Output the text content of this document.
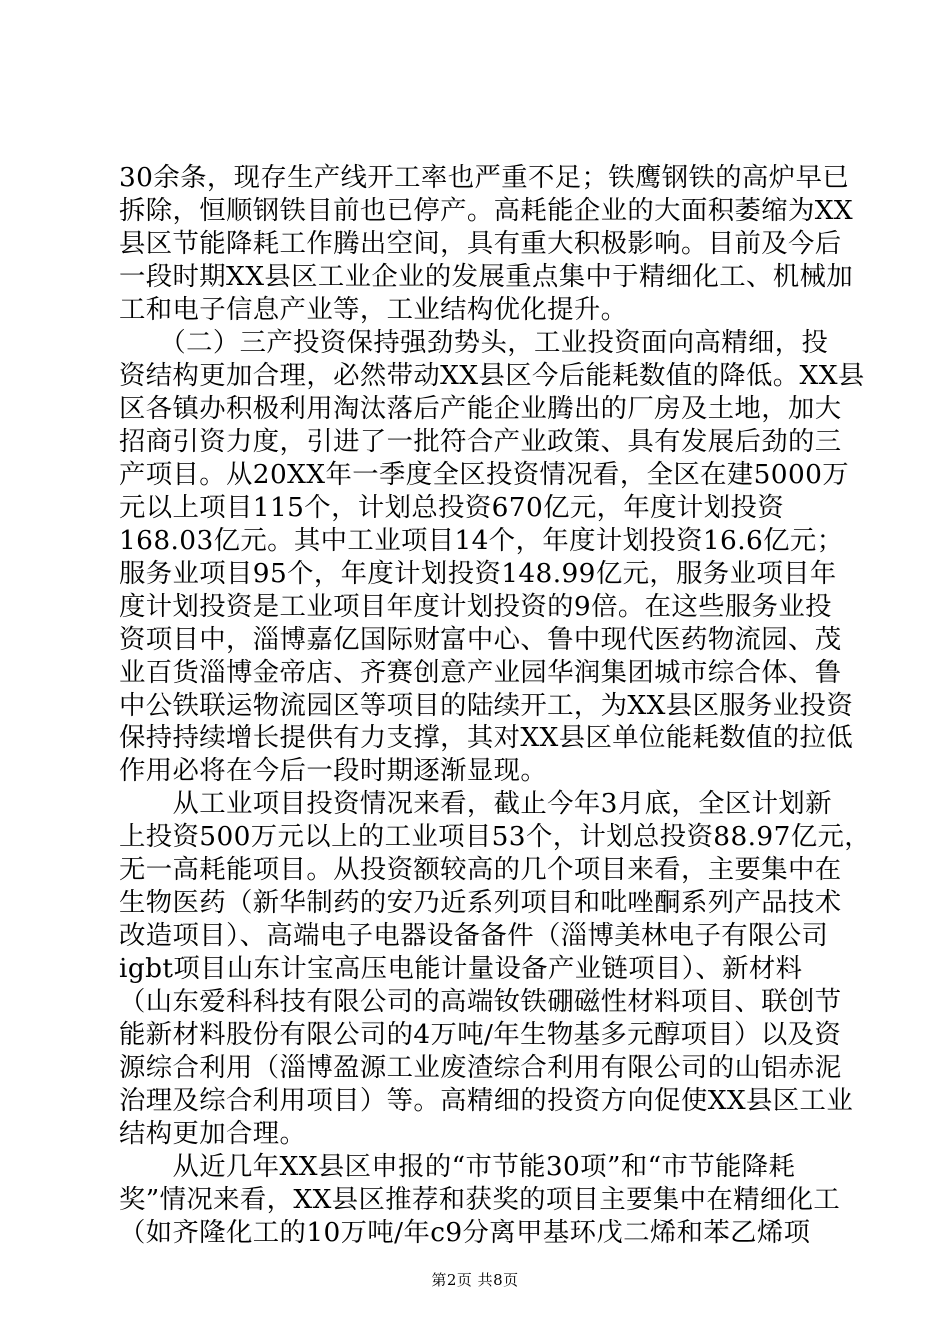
30余条，现存生产线开工率也严重不足；铁鹰钢铁的高炉早已
拆除，恒顺钢铁目前也已停产。高耗能企业的大面积萎缩为XX
县区节能降耗工作腾出空间，具有重大积极影响。目前及今后
一段时期XX县区工业企业的发展重点集中于精细化工、机械加
工和电子信息产业等，工业结构优化提升。
　　（二）三产投资保持强劲势头，工业投资面向高精细，投
资结构更加合理，必然带动XX县区今后能耗数值的降低。XX县
区各镇办积极利用淘汰落后产能企业腾出的厂房及土地，加大
招商引资力度，引进了一批符合产业政策、具有发展后劲的三
产项目。从20XX年一季度全区投资情况看，全区在建5000万
元以上项目115个，计划总投资670亿元，年度计划投资
168.03亿元。其中工业项目14个，年度计划投资16.6亿元；
服务业项目95个，年度计划投资148.99亿元，服务业项目年
度计划投资是工业项目年度计划投资的9倍。在这些服务业投
资项目中，淄博嘉亿国际财富中心、鲁中现代医药物流园、茂
业百货淄博金帝店、齐赛创意产业园华润集团城市综合体、鲁
中公铁联运物流园区等项目的陆续开工，为XX县区服务业投资
保持持续增长提供有力支撑，其对XX县区单位能耗数值的拉低
作用必将在今后一段时期逐渐显现。
　　从工业项目投资情况来看，截止今年3月底，全区计划新
上投资500万元以上的工业项目53个，计划总投资88.97亿元，
无一高耗能项目。从投资额较高的几个项目来看，主要集中在
生物医药（新华制药的安乃近系列项目和吡唑酮系列产品技术
改造项目）、高端电子电器设备备件（淄博美林电子有限公司
igbt项目山东计宝高压电能计量设备产业链项目）、新材料
（山东爱科科技有限公司的高端钕铁硼磁性材料项目、联创节
能新材料股份有限公司的4万吨/年生物基多元醇项目）以及资
源综合利用（淄博盈源工业废渣综合利用有限公司的山铝赤泥
治理及综合利用项目）等。高精细的投资方向促使XX县区工业
结构更加合理。
　　从近几年XX县区申报的“市节能30项”和“市节能降耗
奖”情况来看，XX县区推荐和获奖的项目主要集中在精细化工
（如齐隆化工的10万吨/年c9分离甲基环戊二烯和苯乙烯项
第2页 共8页
